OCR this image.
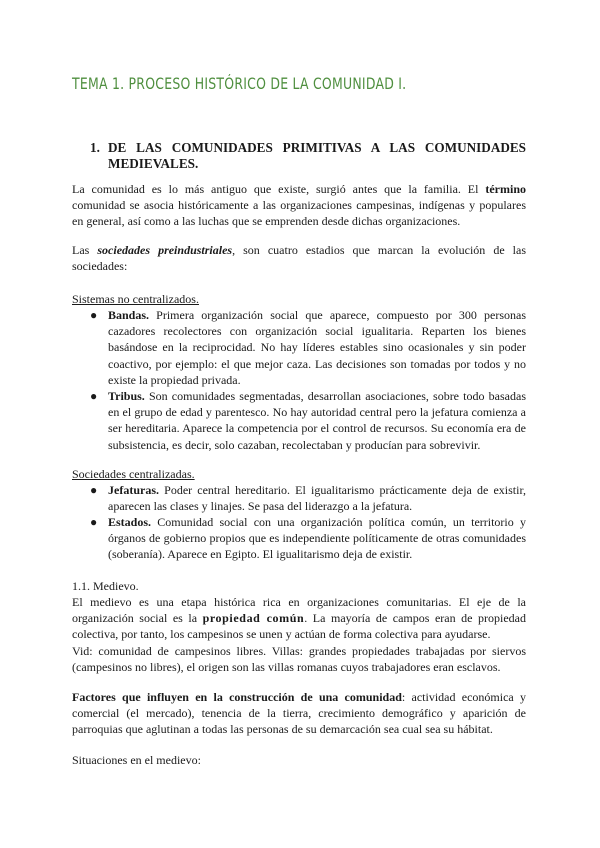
TEMA 1. PROCESO HISTÓRICO DE LA COMUNIDAD I.
1. DE LAS COMUNIDADES PRIMITIVAS A LAS COMUNIDADES MEDIEVALES.
La comunidad es lo más antiguo que existe, surgió antes que la familia. El término comunidad se asocia históricamente a las organizaciones campesinas, indígenas y populares en general, así como a las luchas que se emprenden desde dichas organizaciones.
Las sociedades preindustriales, son cuatro estadios que marcan la evolución de las sociedades:
Sistemas no centralizados.
● Bandas. Primera organización social que aparece, compuesto por 300 personas cazadores recolectores con organización social igualitaria. Reparten los bienes basándose en la reciprocidad. No hay líderes estables sino ocasionales y sin poder coactivo, por ejemplo: el que mejor caza. Las decisiones son tomadas por todos y no existe la propiedad privada.
● Tribus. Son comunidades segmentadas, desarrollan asociaciones, sobre todo basadas en el grupo de edad y parentesco. No hay autoridad central pero la jefatura comienza a ser hereditaria. Aparece la competencia por el control de recursos. Su economía era de subsistencia, es decir, solo cazaban, recolectaban y producían para sobrevivir.
Sociedades centralizadas.
● Jefaturas. Poder central hereditario. El igualitarismo prácticamente deja de existir, aparecen las clases y linajes. Se pasa del liderazgo a la jefatura.
● Estados. Comunidad social con una organización política común, un territorio y órganos de gobierno propios que es independiente políticamente de otras comunidades (soberanía). Aparece en Egipto. El igualitarismo deja de existir.
1.1. Medievo.
El medievo es una etapa histórica rica en organizaciones comunitarias. El eje de la organización social es la propiedad común. La mayoría de campos eran de propiedad colectiva, por tanto, los campesinos se unen y actúan de forma colectiva para ayudarse.
Vid: comunidad de campesinos libres. Villas: grandes propiedades trabajadas por siervos (campesinos no libres), el origen son las villas romanas cuyos trabajadores eran esclavos.
Factores que influyen en la construcción de una comunidad: actividad económica y comercial (el mercado), tenencia de la tierra, crecimiento demográfico y aparición de parroquias que aglutinan a todas las personas de su demarcación sea cual sea su hábitat.
Situaciones en el medievo:
